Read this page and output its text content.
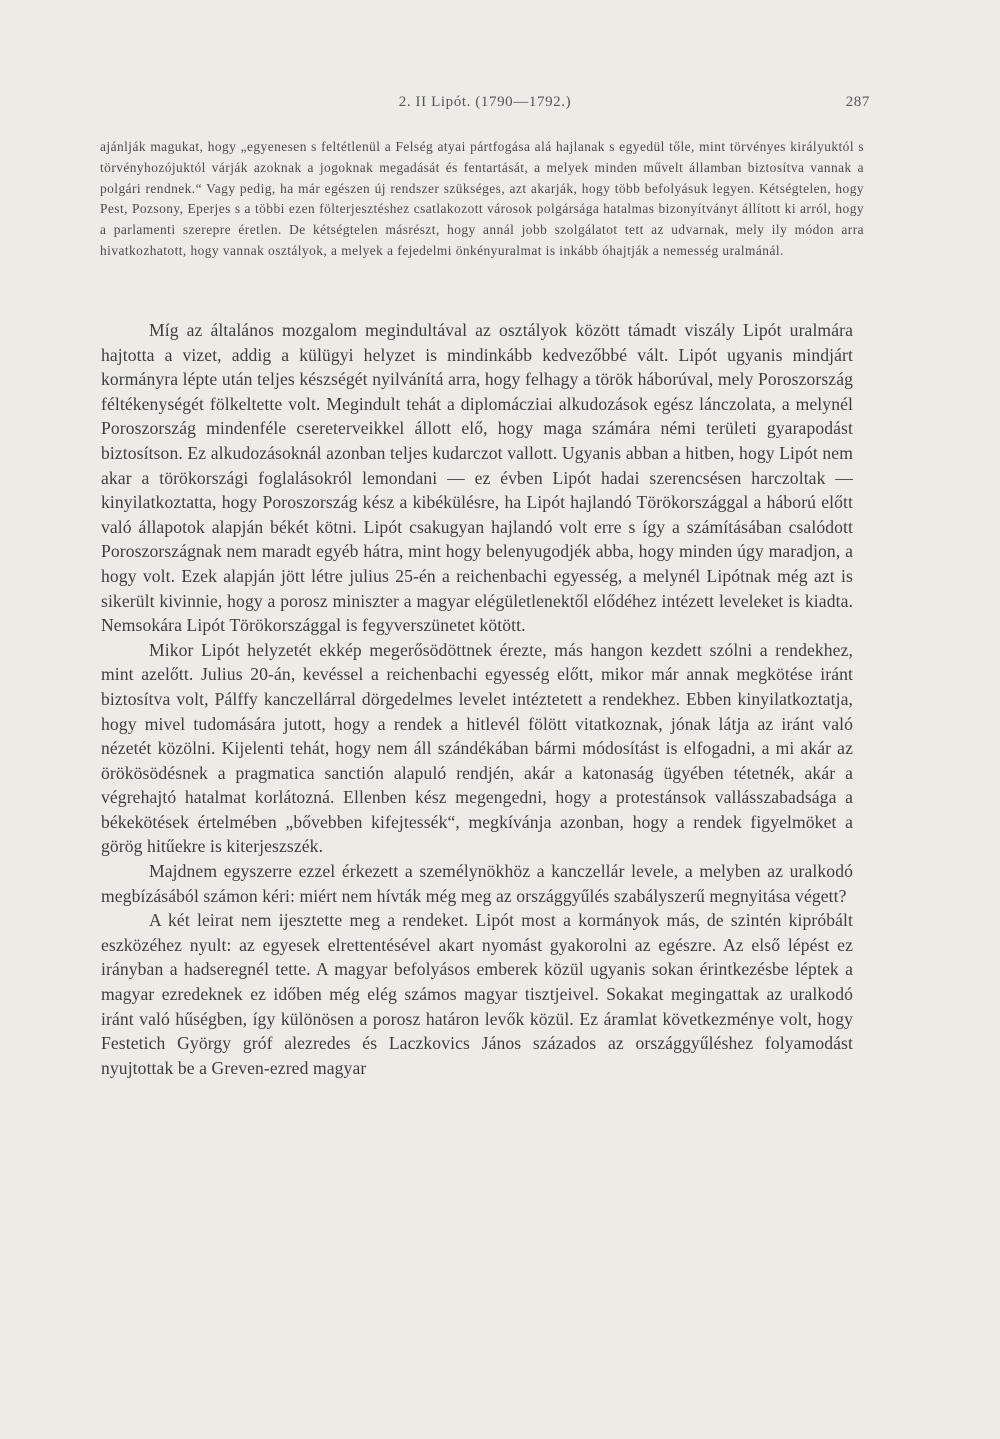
2. II Lipót. (1790—1792.)	287

ajánlják magukat, hogy „egyenesen s feltétlenül a Felség atyai pártfogása alá hajlanak s egyedül tőle, mint törvényes királyuktól s törvényhozójuktól várják azoknak a jogoknak megadását és fentartását, a melyek minden művelt államban biztosítva vannak a polgári rendnek.“ Vagy pedig, ha már egészen új rendszer szükséges, azt akarják, hogy több befolyásuk legyen. Kétségtelen, hogy Pest, Pozsony, Eperjes s a többi ezen fölterjesztéshez csatlakozott városok polgársága hatalmas bizonyítványt állított ki arról, hogy a parlamenti szerepre éretlen. De kétségtelen másrészt, hogy annál jobb szolgálatot tett az udvarnak, mely ily módon arra hivatkozhatott, hogy vannak osztályok, a melyek a fejedelmi önkényuralmat is inkább óhajtják a nemesség uralmánál.

Míg az általános mozgalom megindultával az osztályok között támadt viszály Lipót uralmára hajtotta a vizet, addig a külügyi helyzet is mindinkább kedvezőbbé vált. Lipót ugyanis mindjárt kormányra lépte után teljes készségét nyilvánítá arra, hogy felhagy a török háborúval, mely Poroszország féltékenységét fölkeltette volt. Megindult tehát a diplomácziai alkudozások egész lánczolata, a melynél Poroszország mindenféle csereterveikkel állott elő, hogy maga számára némi területi gyarapodást biztosítson. Ez alkudozásoknál azonban teljes kudarczot vallott. Ugyanis abban a hitben, hogy Lipót nem akar a törökországi foglalásokról lemondani — ez évben Lipót hadai szerencsésen harczoltak — kinyilatkoztatta, hogy Poroszország kész a kibékülésre, ha Lipót hajlandó Törökországgal a háború előtt való állapotok alapján békét kötni. Lipót csakugyan hajlandó volt erre s így a számításában csalódott Poroszországnak nem maradt egyéb hátra, mint hogy belenyugodjék abba, hogy minden úgy maradjon, a hogy volt. Ezek alapján jött létre julius 25-én a reichenbachi egyesség, a melynél Lipótnak még azt is sikerült kivinnie, hogy a porosz miniszter a magyar elégületlenektől elődéhez intézett leveleket is kiadta. Nemsokára Lipót Törökországgal is fegyverszünetet kötött.

Mikor Lipót helyzetét ekkép megerősödöttnek érezte, más hangon kezdett szólni a rendekhez, mint azelőtt. Julius 20-án, kevéssel a reichenbachi egyesség előtt, mikor már annak megkötése iránt biztosítva volt, Pálffy kanczellárral dörgedelmes levelet intéztetett a rendekhez. Ebben kinyilatkoztatja, hogy mivel tudomására jutott, hogy a rendek a hitlevél fölött vitatkoznak, jónak látja az iránt való nézetét közölni. Kijelenti tehát, hogy nem áll szándékában bármi módosítást is elfogadni, a mi akár az örökösödésnek a pragmatica sanctión alapuló rendjén, akár a katonaság ügyében tétetnék, akár a végrehajtó hatalmat korlátozná. Ellenben kész megengedni, hogy a protestánsok vallásszabadsága a békekötések értelmében „bővebben kifejtessék“, megkívánja azonban, hogy a rendek figyelmöket a görög hitűekre is kiterjeszszék.

Majdnem egyszerre ezzel érkezett a személynökhöz a kanczellár levele, a melyben az uralkodó megbízásából számon kéri: miért nem hívták még meg az országgyűlés szabályszerű megnyitása végett?

A két leirat nem ijesztette meg a rendeket. Lipót most a kormányok más, de szintén kipróbált eszközéhez nyult: az egyesek elrettentésével akart nyomást gyakorolni az egészre. Az első lépést ez irányban a hadseregnél tette. A magyar befolyásos emberek közül ugyanis sokan érintkezésbe léptek a magyar ezredeknek ez időben még elég számos magyar tisztjeivel. Sokakat megingattak az uralkodó iránt való hűségben, így különösen a porosz határon levők közül. Ez áramlat következménye volt, hogy Festetich György gróf alezredes és Laczkovics János százados az országgyűléshez folyamodást nyujtottak be a Greven-ezred magyar
